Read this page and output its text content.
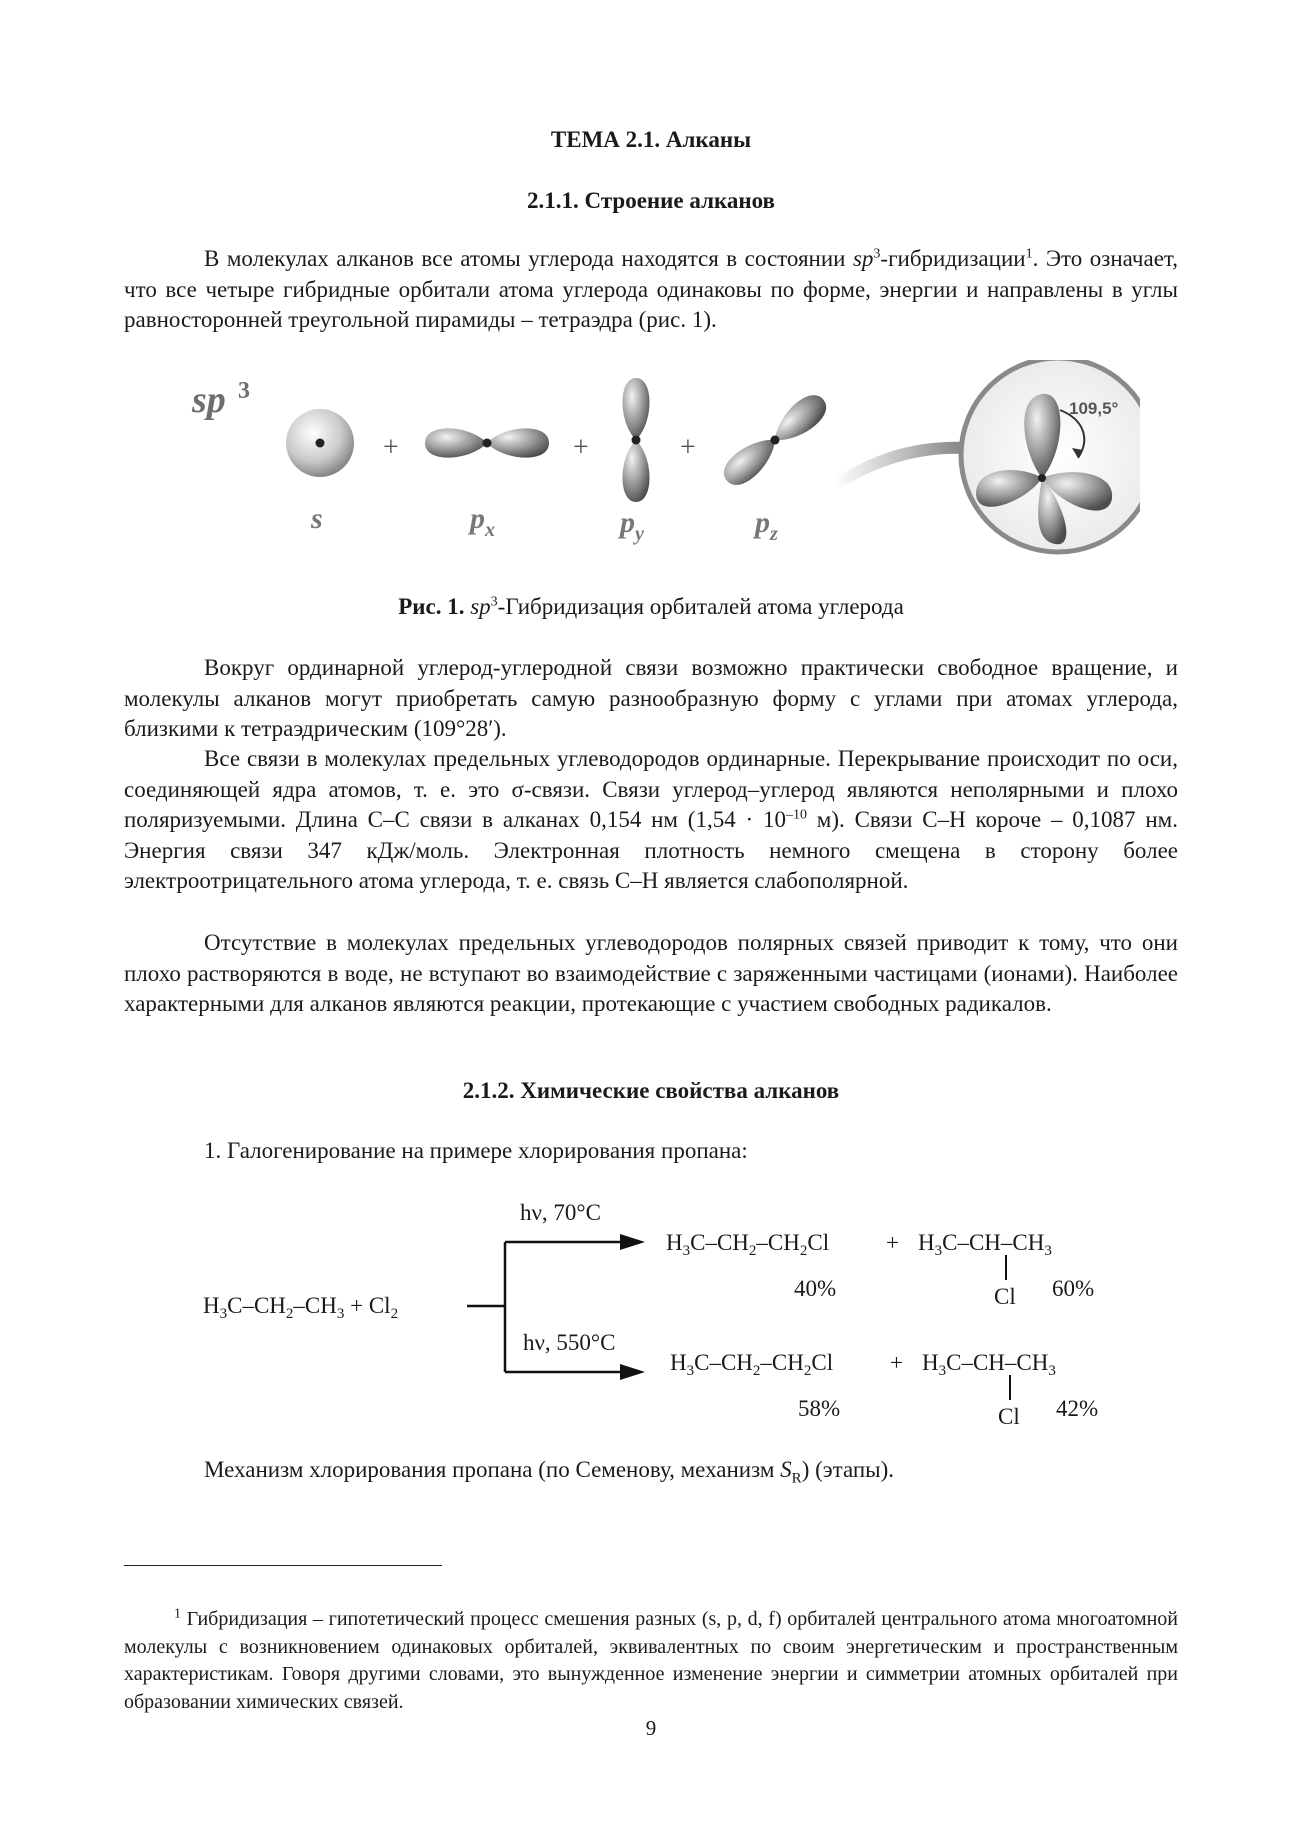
ТЕМА 2.1. Алканы
2.1.1. Строение алканов
В молекулах алканов все атомы углерода находятся в состоянии $sp^3-гибридизации^1$. Это означает, что все четыре гибридные орбитали атома углерода одинаковы по форме, энергии и направлены в углы равносторонней треугольной пирамиды – тетраэдра (рис. 1).
sp 3
s
+
$p_x$
+
$p_y$
+
$p_z$
109,5°
Рис. 1. $sp^3$-Гибридизация орбиталей атома углерода
Вокруг ординарной углерод-углеродной связи возможно практически свободное вращение, и молекулы алканов могут приобретать самую разнообразную форму с углами при атомах углерода, близкими к тетраэдрическим (109°28′).
Все связи в молекулах предельных углеводородов ординарные. Перекрывание происходит по оси, соединяющей ядра атомов, т. е. это σ-связи. Связи углерод–углерод являются неполярными и плохо поляризуемыми. Длина С–С связи в алканах 0,154 нм ($1,54 \cdot 10^{-10}$ м). Связи С–Н короче – 0,1087 нм. Энергия связи 347 кДж/моль. Электронная плотность немного смещена в сторону более электроотрицательного атома углерода, т. е. связь С–Н является слабополярной.
Отсутствие в молекулах предельных углеводородов полярных связей приводит к тому, что они плохо растворяются в воде, не вступают во взаимодействие с заряженными частицами (ионами). Наиболее характерными для алканов являются реакции, протекающие с участием свободных радикалов.
2.1.2. Химические свойства алканов
1. Галогенирование на примере хлорирования пропана:
$H_3C-CH_2-CH_3 + Cl_2$
hν, 70°C
hν, 550°C
$H_3C-CH_2-CH_2Cl + H_3C-CH-CH_3$
Cl
40%	60%
$H_3C-CH_2-CH_2Cl + H_3C-CH-CH_3$
Cl
58%	42%
Механизм хлорирования пропана (по Семенову, механизм $S_R$) (этапы).
$^1$ Гибридизация – гипотетический процесс смешения разных (s, p, d, f) орбиталей центрального атома многоатомной молекулы с возникновением одинаковых орбиталей, эквивалентных по своим энергетическим и пространственным характеристикам. Говоря другими словами, это вынужденное изменение энергии и симметрии атомных орбиталей при образовании химических связей.
9
